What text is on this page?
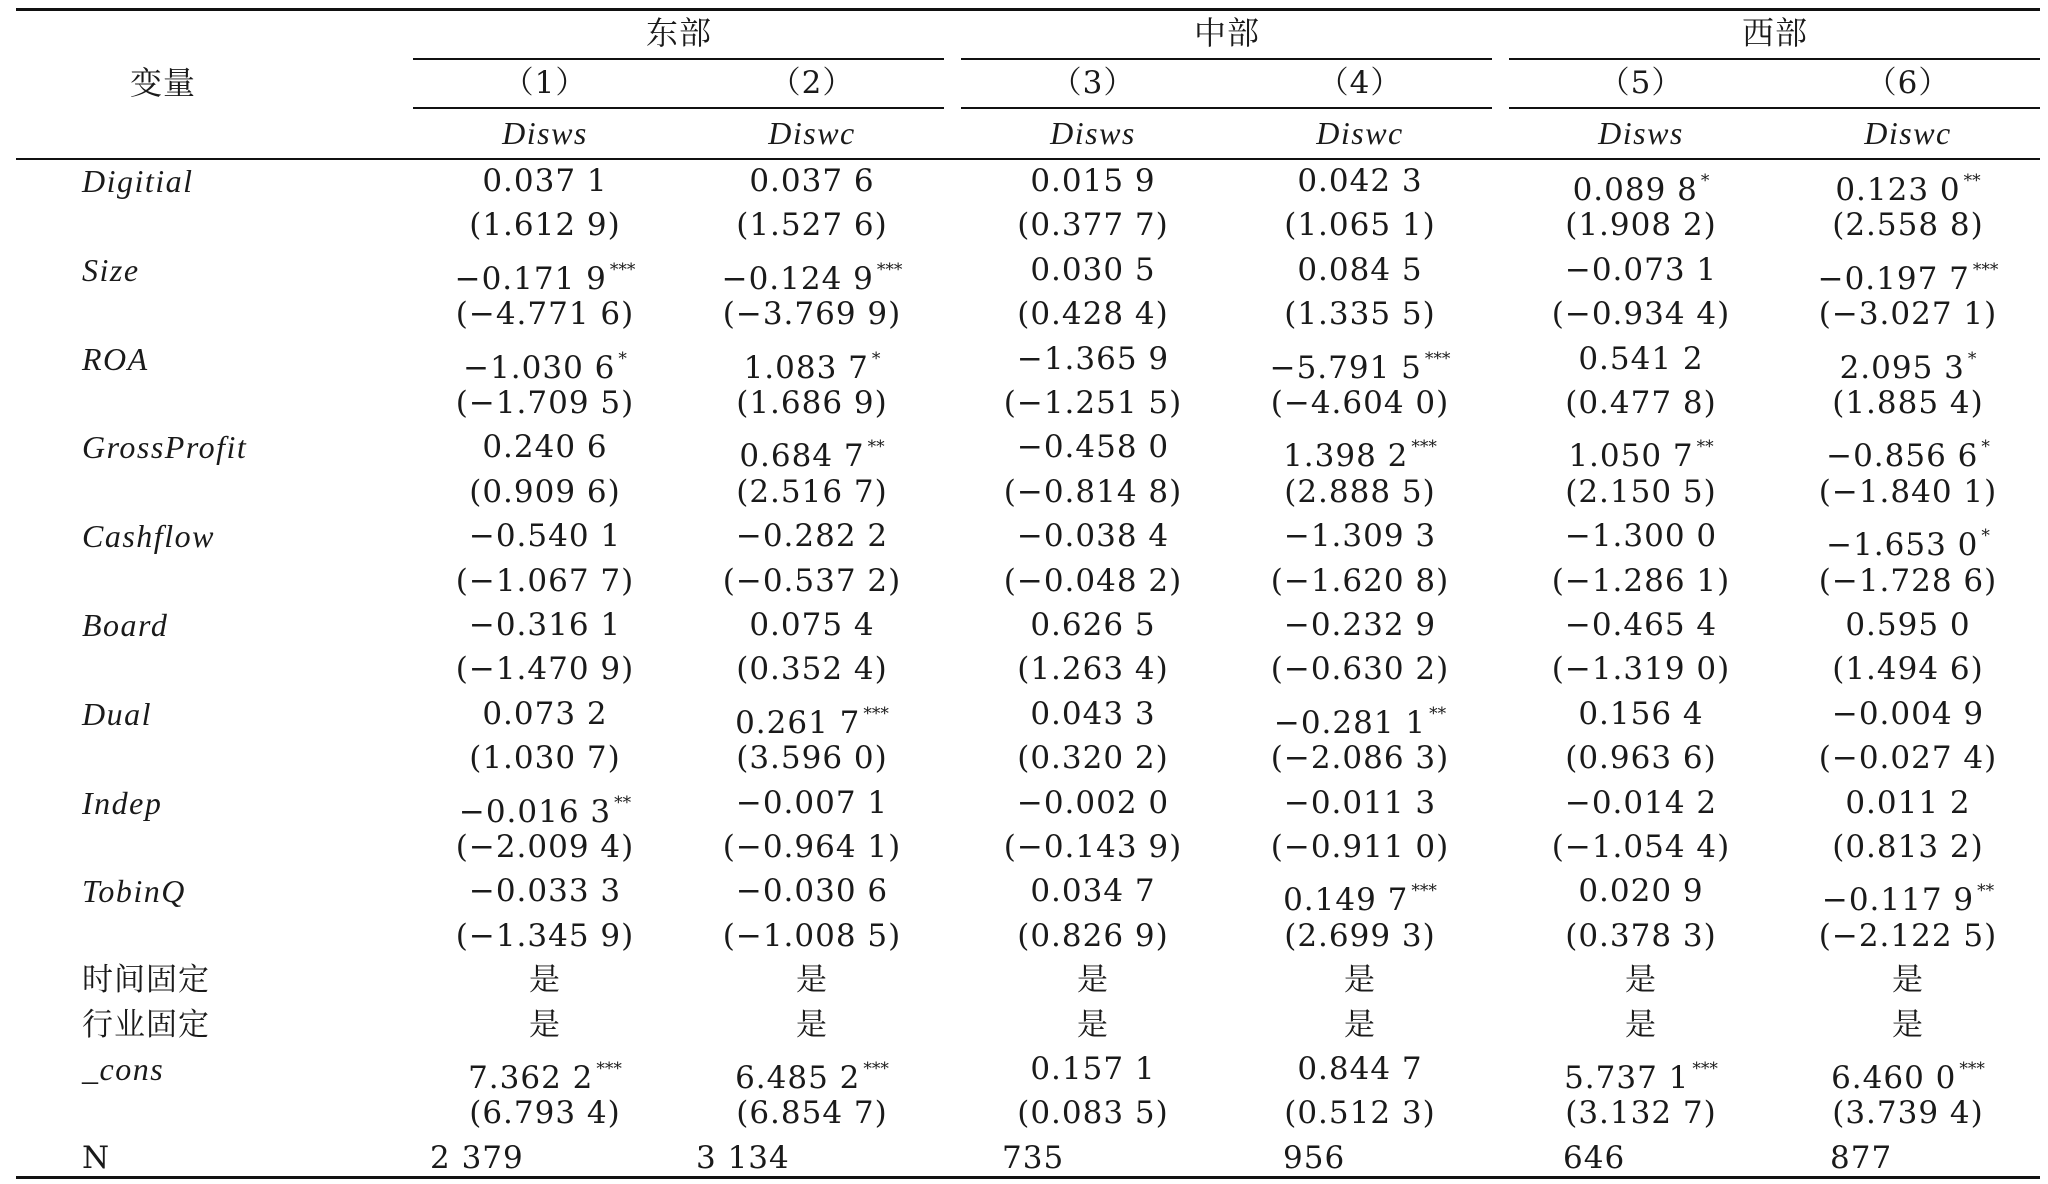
变量
东部	中部	西部
（1）	（2）	（3）	（4）	（5）	（6）
Disws	Diswc	Disws	Diswc	Disws	Diswc
Digitial	0.037 1	0.037 6	0.015 9	0.042 3	0.089 8 *	0.123 0 **
(1.612 9)	(1.527 6)	(0.377 7)	(1.065 1)	(1.908 2)	(2.558 8)
Size	−0.171 9 ***	−0.124 9 ***	0.030 5	0.084 5	−0.073 1	−0.197 7 ***
(−4.771 6)	(−3.769 9)	(0.428 4)	(1.335 5)	(−0.934 4)	(−3.027 1)
ROA	−1.030 6 *	1.083 7 *	−1.365 9	−5.791 5 ***	0.541 2	2.095 3 *
(−1.709 5)	(1.686 9)	(−1.251 5)	(−4.604 0)	(0.477 8)	(1.885 4)
GrossProfit	0.240 6	0.684 7 **	−0.458 0	1.398 2 ***	1.050 7 **	−0.856 6 *
(0.909 6)	(2.516 7)	(−0.814 8)	(2.888 5)	(2.150 5)	(−1.840 1)
Cashflow	−0.540 1	−0.282 2	−0.038 4	−1.309 3	−1.300 0	−1.653 0 *
(−1.067 7)	(−0.537 2)	(−0.048 2)	(−1.620 8)	(−1.286 1)	(−1.728 6)
Board	−0.316 1	0.075 4	0.626 5	−0.232 9	−0.465 4	0.595 0
(−1.470 9)	(0.352 4)	(1.263 4)	(−0.630 2)	(−1.319 0)	(1.494 6)
Dual	0.073 2	0.261 7 ***	0.043 3	−0.281 1 **	0.156 4	−0.004 9
(1.030 7)	(3.596 0)	(0.320 2)	(−2.086 3)	(0.963 6)	(−0.027 4)
Indep	−0.016 3 **	−0.007 1	−0.002 0	−0.011 3	−0.014 2	0.011 2
(−2.009 4)	(−0.964 1)	(−0.143 9)	(−0.911 0)	(−1.054 4)	(0.813 2)
TobinQ	−0.033 3	−0.030 6	0.034 7	0.149 7 ***	0.020 9	−0.117 9 **
(−1.345 9)	(−1.008 5)	(0.826 9)	(2.699 3)	(0.378 3)	(−2.122 5)
时间固定	是	是	是	是	是	是
行业固定	是	是	是	是	是	是
_cons	7.362 2 ***	6.485 2 ***	0.157 1	0.844 7	5.737 1 ***	6.460 0 ***
(6.793 4)	(6.854 7)	(0.083 5)	(0.512 3)	(3.132 7)	(3.739 4)
N	2 379	3 134	735	956	646	877
